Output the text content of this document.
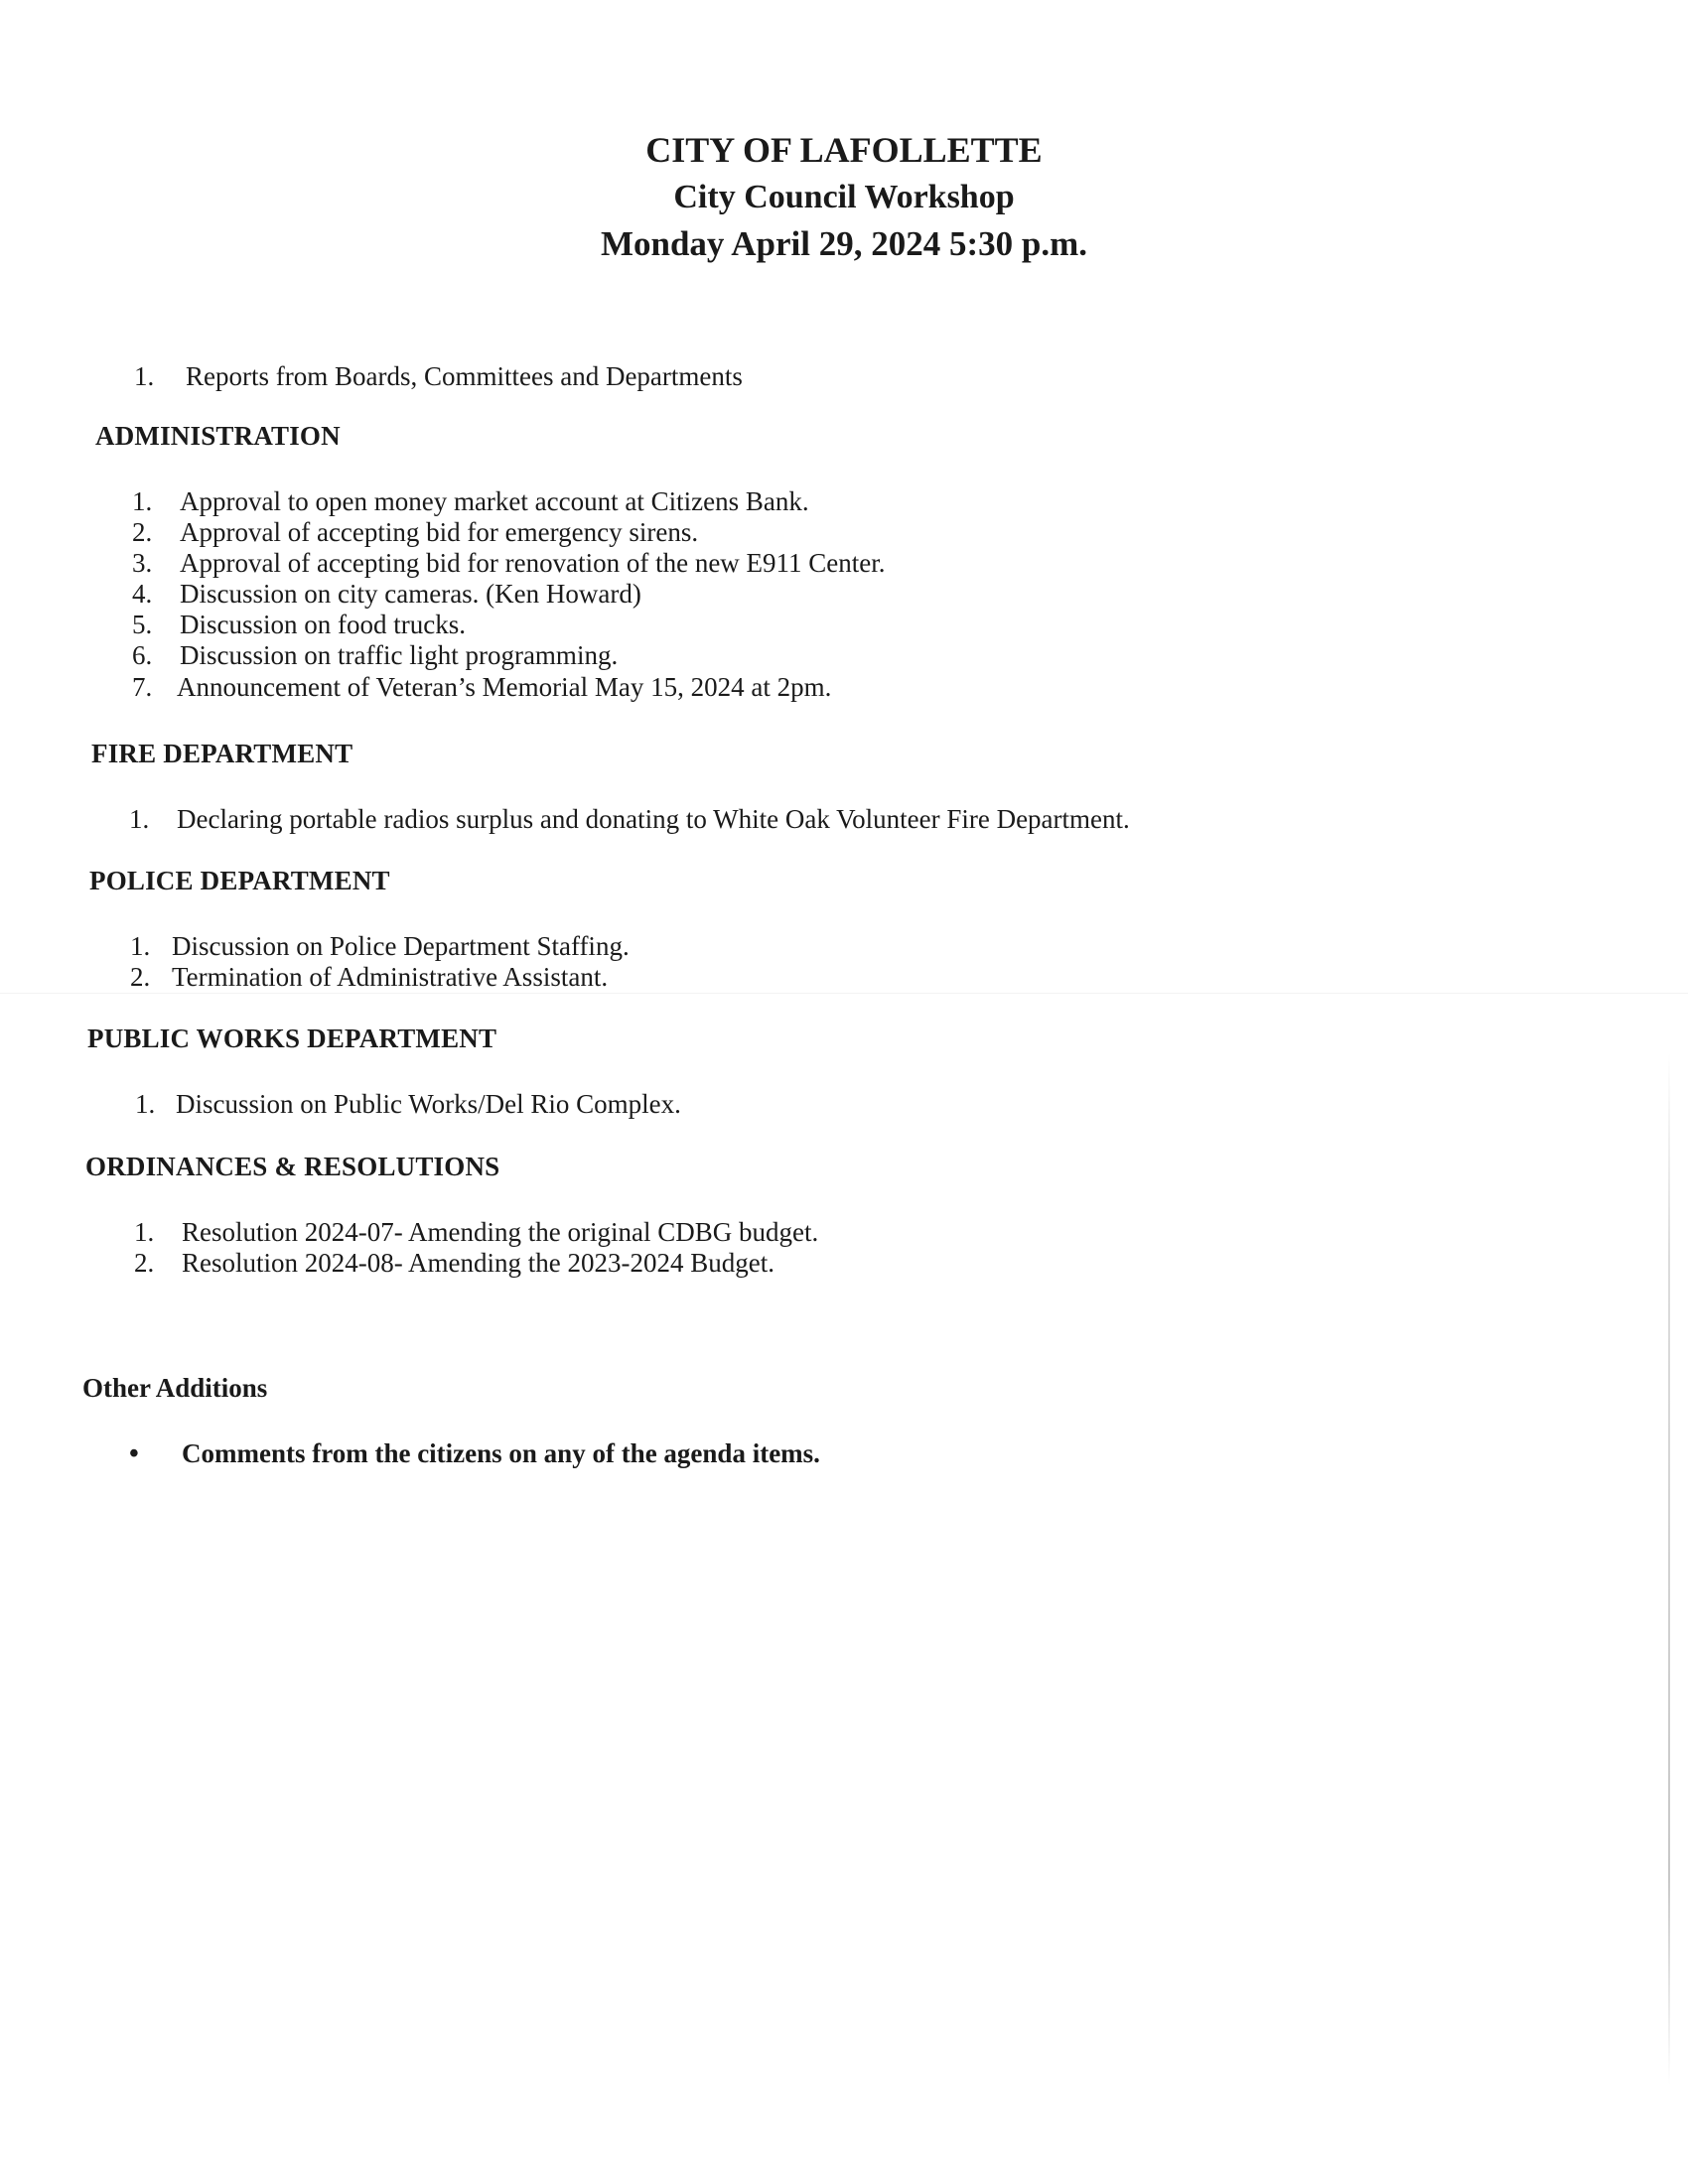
CITY OF LAFOLLETTE
City Council Workshop
Monday April 29, 2024 5:30 p.m.
1. Reports from Boards, Committees and Departments
ADMINISTRATION
1. Approval to open money market account at Citizens Bank.
2. Approval of accepting bid for emergency sirens.
3. Approval of accepting bid for renovation of the new E911 Center.
4. Discussion on city cameras. (Ken Howard)
5. Discussion on food trucks.
6. Discussion on traffic light programming.
7. Announcement of Veteran’s Memorial May 15, 2024 at 2pm.
FIRE DEPARTMENT
1. Declaring portable radios surplus and donating to White Oak Volunteer Fire Department.
POLICE DEPARTMENT
1. Discussion on Police Department Staffing.
2. Termination of Administrative Assistant.
PUBLIC WORKS DEPARTMENT
1. Discussion on Public Works/Del Rio Complex.
ORDINANCES & RESOLUTIONS
1. Resolution 2024-07- Amending the original CDBG budget.
2. Resolution 2024-08- Amending the 2023-2024 Budget.
Other Additions
• Comments from the citizens on any of the agenda items.
